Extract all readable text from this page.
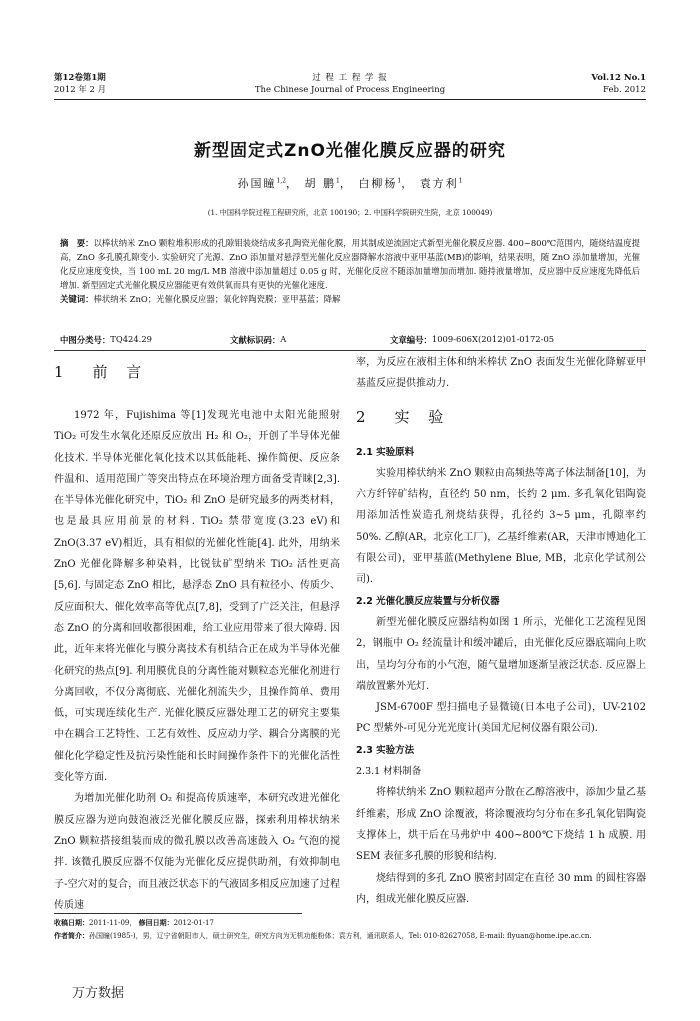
第12卷第1期
2012 年 2 月
过 程 工 程 学 报
The Chinese Journal of Process Engineering
Vol.12 No.1
Feb. 2012
新型固定式ZnO光催化膜反应器的研究
孙国瞳$^{1,2}$， 胡 鹏$^1$， 白柳杨$^1$， 袁方利$^1$
(1. 中国科学院过程工程研究所，北京 100190；2. 中国科学院研究生院，北京 100049)
摘　要：以棒状纳米 ZnO 颗粒堆积形成的孔隙钼装烧结成多孔陶瓷光催化膜，用其制成逆流固定式新型光催化膜反应器. 400~800℃范围内，随烧结温度提高，ZnO 多孔膜孔隙变小. 实验研究了光源、ZnO 添加量对悬浮型光催化反应器降解水溶液中亚甲基蓝(MB)的影响，结果表明，随 ZnO 添加量增加，光催化反应速度变快，当 100 mL 20 mg/L MB 溶液中添加量超过 0.05 g 时，光催化反应不随添加量增加而增加. 随持液量增加，反应器中反应速度先降低后增加. 新型固定式光催化膜反应器能更有效供氧而具有更快的光催化速度.
关键词：棒状纳米 ZnO；光催化膜反应器；氧化锌陶瓷膜；亚甲基蓝；降解
中图分类号： TQ424.29	文献标识码： A	文章编号： 1009-606X(2012)01-0172-05
1　前 言

1972 年，Fujishima 等[1]发现光电池中太阳光能照射 TiO₂ 可发生水氧化还原反应放出 H₂ 和 O₂，开创了半导体光催化技术. 半导体光催化氧化技术以其低能耗、操作简便、反应条件温和、适用范围广等突出特点在环境治理方面备受青睐[2,3]. 在半导体光催化研究中，TiO₂ 和 ZnO 是研究最多的两类材料，也是最具应用前景的材料. TiO₂ 禁带宽度(3.23 eV)和 ZnO(3.37 eV)相近，具有相似的光催化性能[4]. 此外，用纳米 ZnO 光催化降解多种染料，比锐钛矿型纳米 TiO₂ 活性更高[5,6]. 与固定态 ZnO 相比，悬浮态 ZnO 具有粒径小、传质少、反应面积大、催化效率高等优点[7,8]，受到了广泛关注，但悬浮态 ZnO 的分离和回收都很困难，给工业应用带来了很大障碍. 因此，近年来将光催化与膜分离技术有机结合正在成为半导体光催化研究的热点[9]. 利用膜优良的分离性能对颗粒态光催化剂进行分离回收，不仅分离彻底、光催化剂流失少，且操作简单、费用低，可实现连续化生产. 光催化膜反应器处理工艺的研究主要集中在耦合工艺特性、工艺有效性、反应动力学、耦合分离膜的光催化化学稳定性及抗污染性能和长时间操作条件下的光催化活性变化等方面.

为增加光催化助剂 O₂ 和提高传质速率，本研究改进光催化膜反应器为逆向鼓泡液泛光催化膜反应器，探索利用棒状纳米 ZnO 颗粒搭接组装而成的微孔膜以改善高速鼓入 O₂ 气泡的搅拌. 该微孔膜反应器不仅能为光催化反应提供助剂，有效抑制电子-空穴对的复合，而且液泛状态下的气液固多相反应加速了过程传质速

率，为反应在液相主体和纳米棒状 ZnO 表面发生光催化降解亚甲基蓝反应提供推动力.

2　实 验
2.1 实验原料

实验用棒状纳米 ZnO 颗粒由高频热等离子体法制备[10]，为六方纤锌矿结构，直径约 50 nm，长约 2 μm. 多孔氧化铝陶瓷用添加活性炭造孔剂烧结获得，孔径约 3~5 μm，孔隙率约 50%. 乙醇(AR，北京化工厂)，乙基纤维素(AR，天津市博迪化工有限公司)，亚甲基蓝(Methylene Blue, MB，北京化学试剂公司).

2.2 光催化膜反应装置与分析仪器

新型光催化膜反应器结构如图 1 所示，光催化工艺流程见图 2，钢瓶中 O₂ 经流量计和缓冲罐后，由光催化反应器底端向上吹出，呈均匀分布的小气泡，随气量增加逐渐呈液泛状态. 反应器上端放置紫外光灯.

JSM-6700F 型扫描电子显微镜(日本电子公司)，UV-2102 PC 型紫外-可见分光光度计(美国尤尼柯仪器有限公司).

2.3 实验方法
2.3.1 材料制备

将棒状纳米 ZnO 颗粒超声分散在乙醇溶液中，添加少量乙基纤维素，形成 ZnO 涂覆液，将涂覆液均匀分布在多孔氧化铝陶瓷支撑体上，烘干后在马弗炉中 400~800℃下烧结 1 h 成膜. 用 SEM 表征多孔膜的形貌和结构.

烧结得到的多孔 ZnO 膜密封固定在直径 30 mm 的圆柱容器内，组成光催化膜反应器.

收稿日期：2011-11-09， 修回日期：2012-01-17
作者简介：孙国瞳(1985-)，男，辽宁省朝阳市人，硕士研究生，研究方向为无机功能粉体；袁方利，通讯联系人，Tel: 010-82627058, E-mail: flyuan@home.ipe.ac.cn.
万方数据
